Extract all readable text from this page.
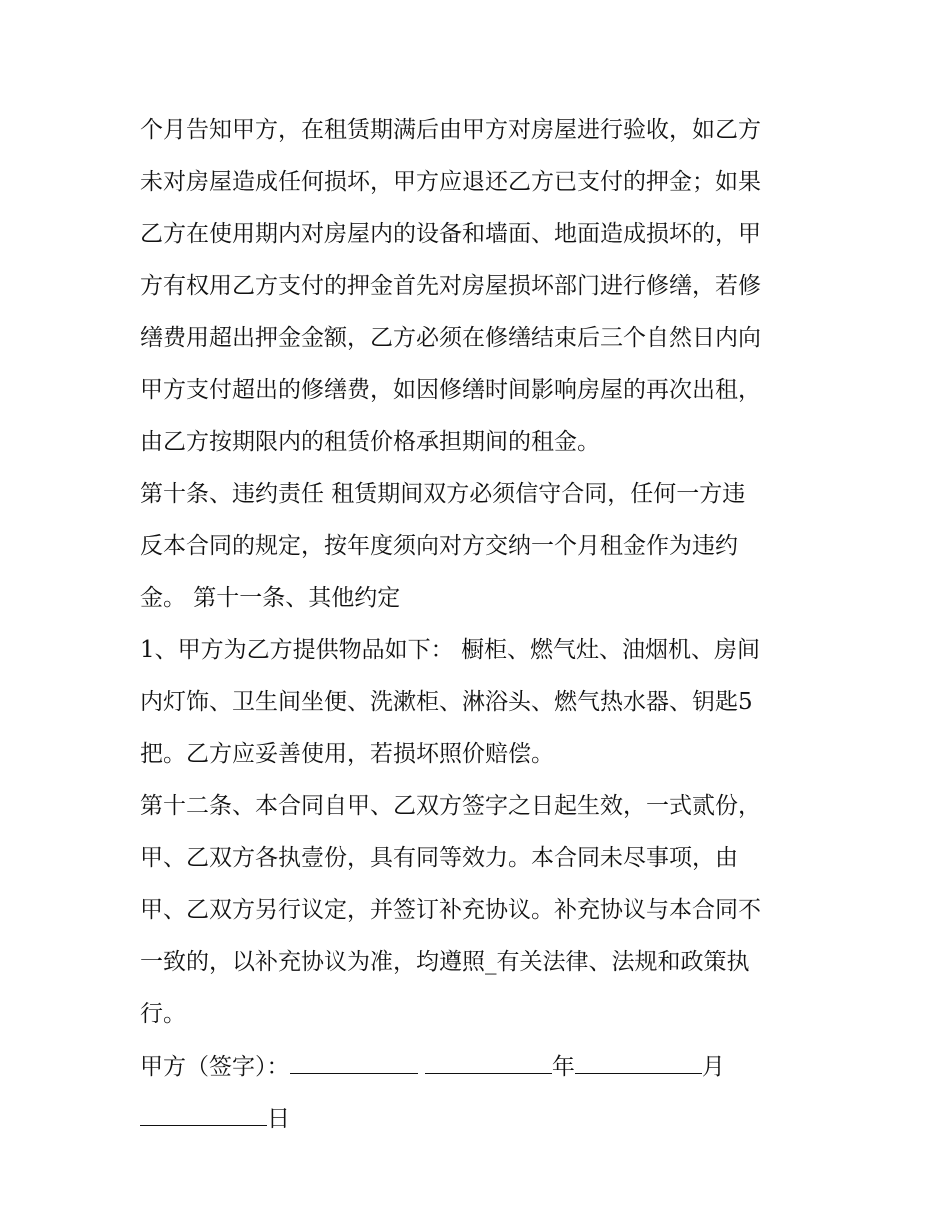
个月告知甲方，在租赁期满后由甲方对房屋进行验收，如乙方

未对房屋造成任何损坏，甲方应退还乙方已支付的押金；如果

乙方在使用期内对房屋内的设备和墙面、地面造成损坏的，甲

方有权用乙方支付的押金首先对房屋损坏部门进行修缮，若修

缮费用超出押金金额，乙方必须在修缮结束后三个自然日内向

甲方支付超出的修缮费，如因修缮时间影响房屋的再次出租，

由乙方按期限内的租赁价格承担期间的租金。

第十条、违约责任 租赁期间双方必须信守合同，任何一方违

反本合同的规定，按年度须向对方交纳一个月租金作为违约

金。 第十一条、其他约定

1、甲方为乙方提供物品如下： 橱柜、燃气灶、油烟机、房间

内灯饰、卫生间坐便、洗漱柜、淋浴头、燃气热水器、钥匙5

把。乙方应妥善使用，若损坏照价赔偿。

第十二条、本合同自甲、乙双方签字之日起生效，一式贰份，

甲、乙双方各执壹份，具有同等效力。本合同未尽事项，由

甲、乙双方另行议定，并签订补充协议。补充协议与本合同不

一致的，以补充协议为准，均遵照_有关法律、法规和政策执

行。

甲方（签字）：	年	月

日
